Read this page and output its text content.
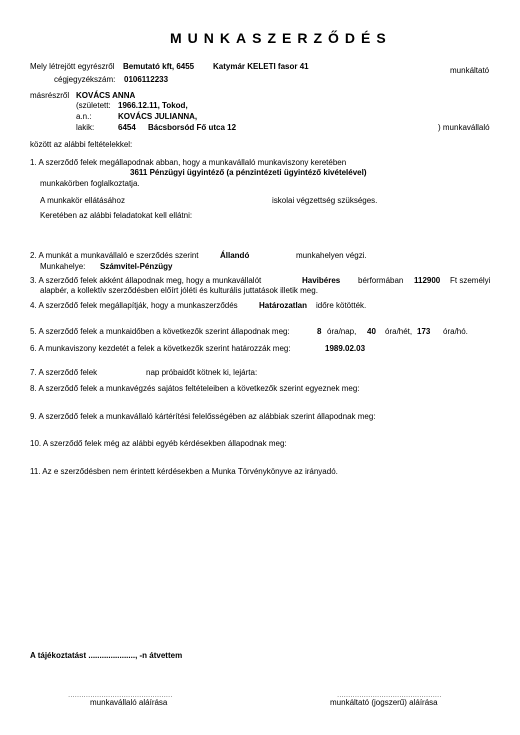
MUNKASZERZŐDÉS
Mely létrejött egyrészről Bemutató kft, 6455 Katymár KELETI fasor 41	munkáltató
cégjegyzékszám: 0106112233
másrészről KOVÁCS ANNA
(született: 1966.12.11, Tokod,
a.n.:	KOVÁCS JULIANNA,
lakik:	6454 Bácsborsód Fő utca 12	) munkavállaló
között az alábbi feltételekkel:
1. A szerződő felek megállapodnak abban, hogy a munkavállaló munkaviszony keretében
3611 Pénzügyi ügyintéző (a pénzintézeti ügyintéző kivételével)
munkakörben foglalkoztatja.
A munkakör ellátásához	iskolai végzettség szükséges.
Keretében az alábbi feladatokat kell ellátni:
2. A munkát a munkavállaló e szerződés szerint	Állandó	munkahelyen végzi.
Munkahelye: Számvitel-Pénzügy
3. A szerződő felek akként állapodnak meg, hogy a munkavállalót	Havibéres bérformában 112900 Ft személyi
alapbér, a kollektív szerződésben előírt jóléti és kulturális juttatások illetik meg.
4. A szerződő felek megállapítják, hogy a munkaszerződés	Határozatlan időre kötötték.
5. A szerződő felek a munkaidőben a következők szerint állapodnak meg:	8 óra/nap, 40 óra/hét, 173 óra/hó.
6. A munkaviszony kezdetét a felek a következők szerint határozzák meg:	1989.02.03
7. A szerződő felek	nap próbaidőt kötnek ki, lejárta:
8. A szerződő felek a munkavégzés sajátos feltételeiben a következők szerint egyeznek meg:
9. A szerződő felek a munkavállaló kártérítési felelősségében az alábbiak szerint állapodnak meg:
10. A szerződő felek még az alábbi egyéb kérdésekben állapodnak meg:
11. Az e szerződésben nem érintett kérdésekben a Munka Törvénykönyve az irányadó.
A tájékoztatást ....................., -n átvettem
...............................................	...............................................
munkavállaló aláírása	munkáltató (jogszerű) aláírása
